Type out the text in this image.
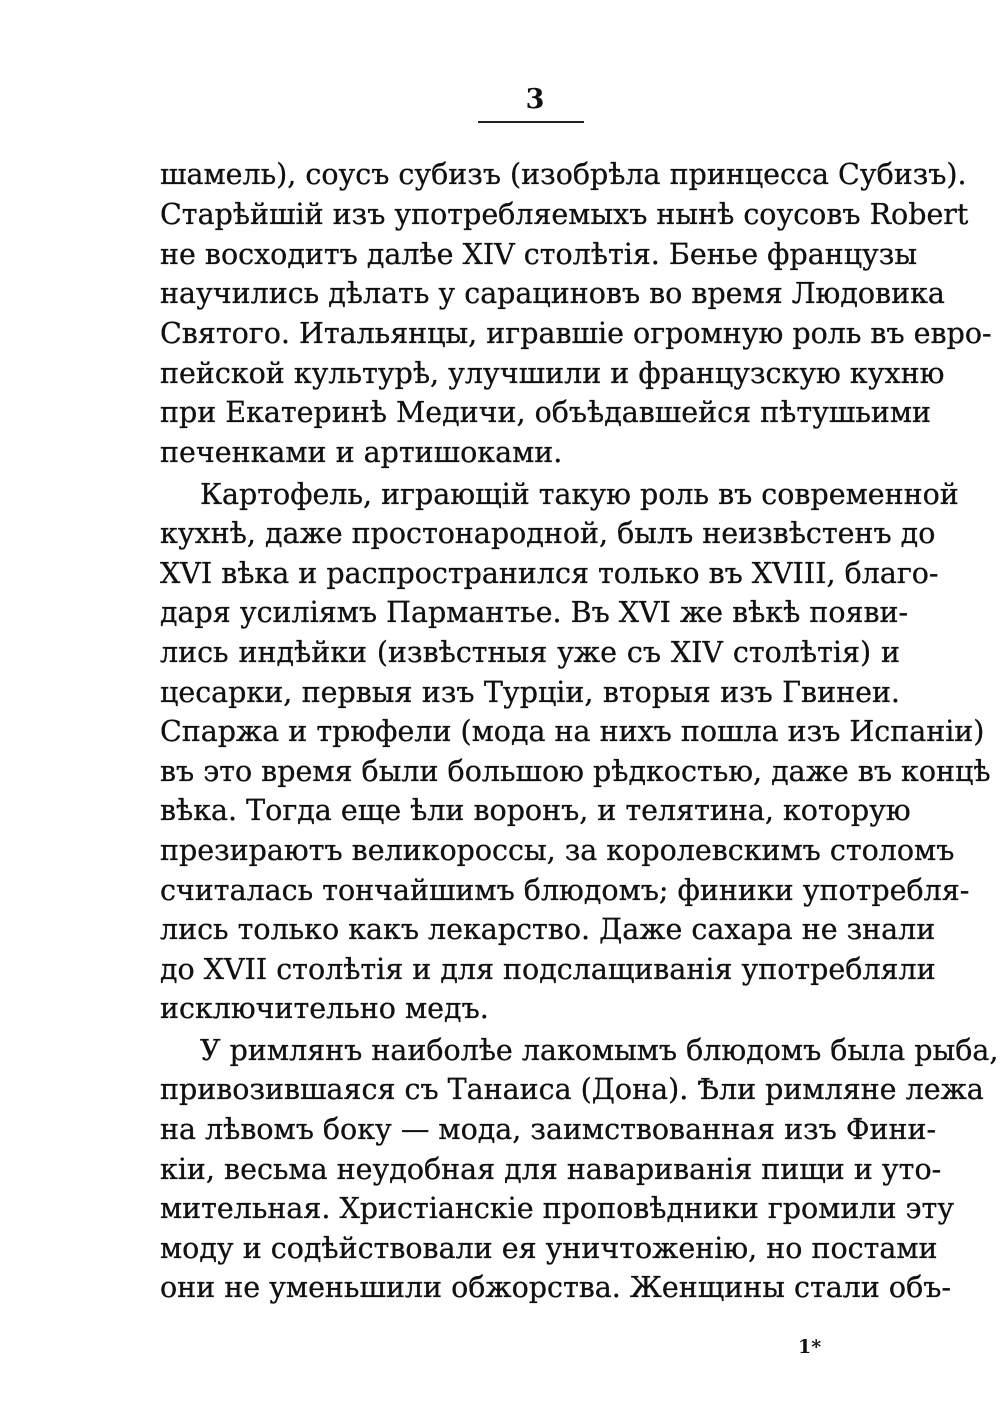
3
шамель), соусъ субизъ (изобрѣла принцесса Субизъ).
Старѣйшій изъ употребляемыхъ нынѣ соусовъ Robert
не восходитъ далѣе XIV столѣтія. Бенье французы
научились дѣлать у сарациновъ во время Людовика
Святого. Итальянцы, игравшіе огромную роль въ евро-
пейской культурѣ, улучшили и французскую кухню
при Екатеринѣ Медичи, объѣдавшейся пѣтушьими
печенками и артишоками.
Картофель, играющій такую роль въ современной
кухнѣ, даже простонародной, былъ неизвѣстенъ до
XVI вѣка и распространился только въ XVIII, благо-
даря усиліямъ Пармантье. Въ XVI же вѣкѣ появи-
лись индѣйки (извѣстныя уже съ XIV столѣтія) и
цесарки, первыя изъ Турціи, вторыя изъ Гвинеи.
Спаржа и трюфели (мода на нихъ пошла изъ Испаніи)
въ это время были большою рѣдкостью, даже въ концѣ
вѣка. Тогда еще ѣли воронъ, и телятина, которую
презираютъ великороссы, за королевскимъ столомъ
считалась тончайшимъ блюдомъ; финики употребля-
лись только какъ лекарство. Даже сахара не знали
до XVII столѣтія и для подслащиванія употребляли
исключительно медъ.
У римлянъ наиболѣе лакомымъ блюдомъ была рыба,
привозившаяся съ Танаиса (Дона). Ѣли римляне лежа
на лѣвомъ боку — мода, заимствованная изъ Фини-
кіи, весьма неудобная для навариванія пищи и уто-
мительная. Христіанскіе проповѣдники громили эту
моду и содѣйствовали ея уничтоженію, но постами
они не уменьшили обжорства. Женщины стали объ-
1*
